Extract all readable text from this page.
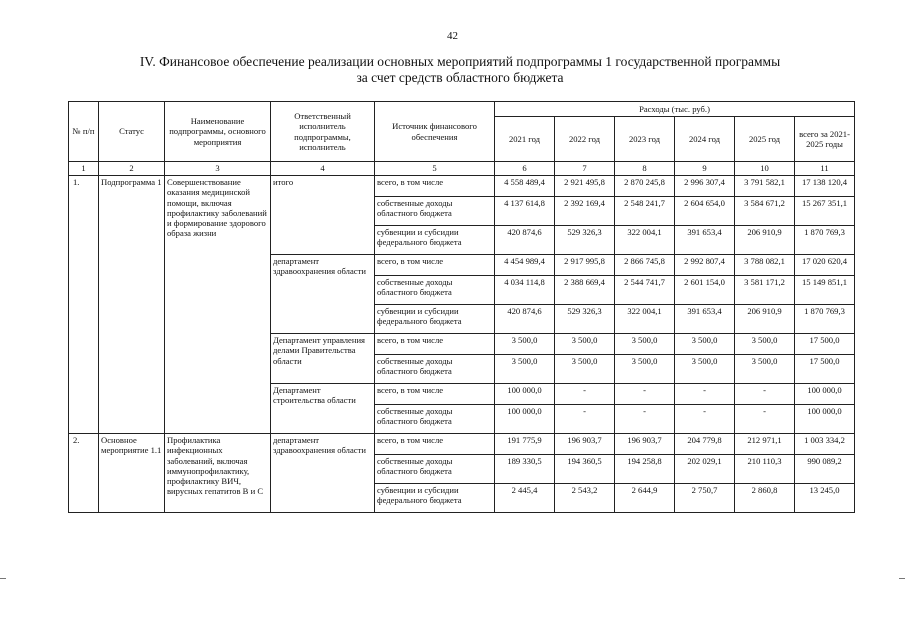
42
IV. Финансовое обеспечение реализации основных мероприятий подпрограммы 1 государственной программы
за счет средств областного бюджета
№ п/п	Статус	Наименование подпрограммы, основного мероприятия	Ответственный исполнитель подпрограммы, исполнитель	Источник финансового обеспечения	Расходы (тыс. руб.)					
					2021 год	2022 год	2023 год	2024 год	2025 год	всего за 2021-2025 годы
1	2	3	4	5	6	7	8	9	10	11
1.	Подпрограмма 1	Совершенствование оказания медицинской помощи, включая профилактику заболеваний и формирование здорового образа жизни	итого	всего, в том числе	4 558 489,4	2 921 495,8	2 870 245,8	2 996 307,4	3 791 582,1	17 138 120,4
				собственные доходы областного бюджета	4 137 614,8	2 392 169,4	2 548 241,7	2 604 654,0	3 584 671,2	15 267 351,1
				субвенции и субсидии федерального бюджета	420 874,6	529 326,3	322 004,1	391 653,4	206 910,9	1 870 769,3
			департамент здравоохранения области	всего, в том числе	4 454 989,4	2 917 995,8	2 866 745,8	2 992 807,4	3 788 082,1	17 020 620,4
				собственные доходы областного бюджета	4 034 114,8	2 388 669,4	2 544 741,7	2 601 154,0	3 581 171,2	15 149 851,1
				субвенции и субсидии федерального бюджета	420 874,6	529 326,3	322 004,1	391 653,4	206 910,9	1 870 769,3
			Департамент управления делами Правительства области	всего, в том числе	3 500,0	3 500,0	3 500,0	3 500,0	3 500,0	17 500,0
				собственные доходы областного бюджета	3 500,0	3 500,0	3 500,0	3 500,0	3 500,0	17 500,0
			Департамент строительства области	всего, в том числе	100 000,0	-	-	-	-	100 000,0
				собственные доходы областного бюджета	100 000,0	-	-	-	-	100 000,0
2.	Основное мероприятие 1.1	Профилактика инфекционных заболеваний, включая иммунопрофилактику, профилактику ВИЧ, вирусных гепатитов В и С	департамент здравоохранения области	всего, в том числе	191 775,9	196 903,7	196 903,7	204 779,8	212 971,1	1 003 334,2
				собственные доходы областного бюджета	189 330,5	194 360,5	194 258,8	202 029,1	210 110,3	990 089,2
				субвенции и субсидии федерального бюджета	2 445,4	2 543,2	2 644,9	2 750,7	2 860,8	13 245,0
